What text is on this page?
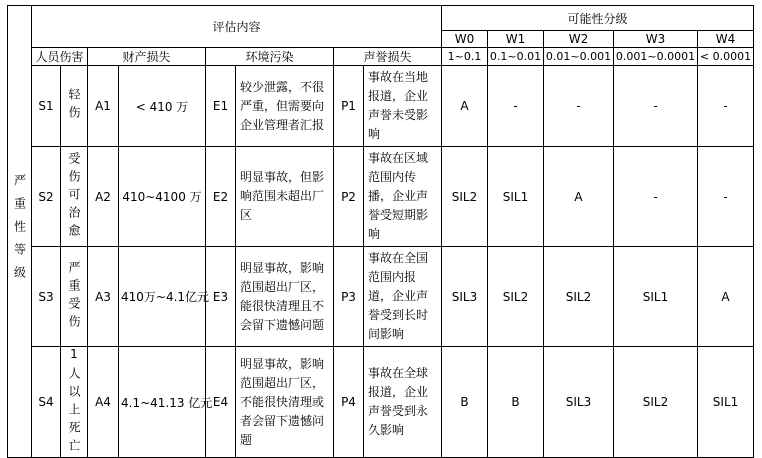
严重性等级	评估内容								可能性分级				
									W0	W1	W2	W3	W4
	人员伤害		财产损失		环境污染		声誉损失		1~0.1	0.1~0.01	0.01~0.001	0.001~0.0001	< 0.0001
	S1	轻伤	A1	< 410 万	E1	较少泄露，不很严重，但需要向企业管理者汇报	P1	事故在当地报道，企业声誉未受影响	A	-	-	-	-
	S2	受伤可治愈	A2	410~4100 万	E2	明显事故，但影响范围未超出厂区	P2	事故在区域范围内传播，企业声誉受短期影响	SIL2	SIL1	A	-	-
	S3	严重受伤	A3	410万~4.1亿元	E3	明显事故，影响范围超出厂区，能很快清理且不会留下遗憾问题	P3	事故在全国范围内报道，企业声誉受到长时间影响	SIL3	SIL2	SIL2	SIL1	A
	S4	1人以上死亡	A4	4.1~41.13 亿元	E4	明显事故，影响范围超出厂区，不能很快清理或者会留下遗憾问题	P4	事故在全球报道，企业声誉受到永久影响	B	B	SIL3	SIL2	SIL1
